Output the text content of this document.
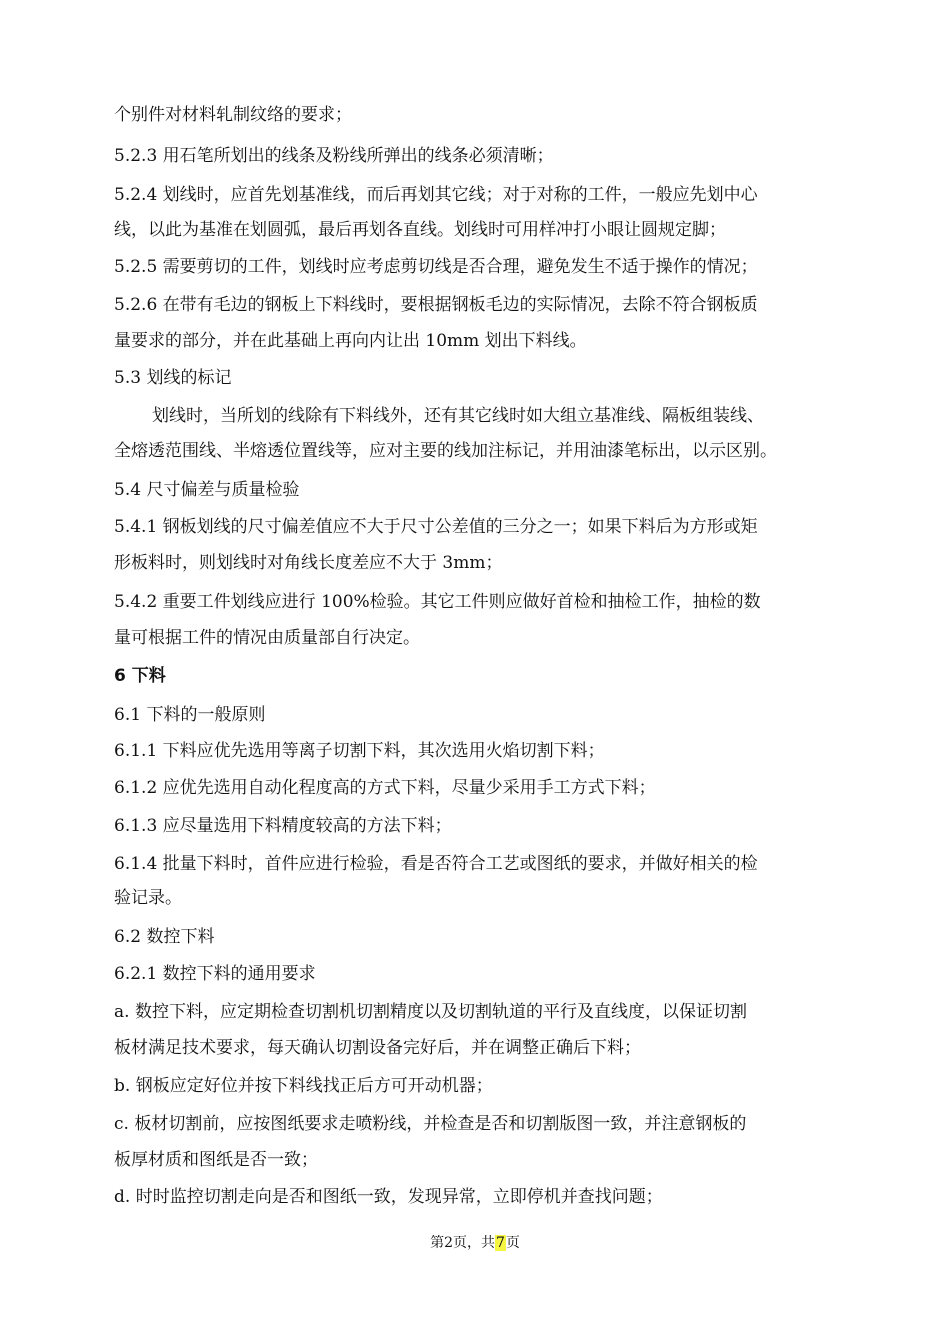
个别件对材料轧制纹络的要求；
5.2.3 用石笔所划出的线条及粉线所弹出的线条必须清晰；
5.2.4 划线时，应首先划基准线，而后再划其它线；对于对称的工件，一般应先划中心
线，以此为基准在划圆弧，最后再划各直线。划线时可用样冲打小眼让圆规定脚；
5.2.5 需要剪切的工件，划线时应考虑剪切线是否合理，避免发生不适于操作的情况；
5.2.6 在带有毛边的钢板上下料线时，要根据钢板毛边的实际情况，去除不符合钢板质
量要求的部分，并在此基础上再向内让出 10mm 划出下料线。
5.3 划线的标记
划线时，当所划的线除有下料线外，还有其它线时如大组立基准线、隔板组装线、
全熔透范围线、半熔透位置线等，应对主要的线加注标记，并用油漆笔标出，以示区别。
5.4 尺寸偏差与质量检验
5.4.1 钢板划线的尺寸偏差值应不大于尺寸公差值的三分之一；如果下料后为方形或矩
形板料时，则划线时对角线长度差应不大于 3mm；
5.4.2 重要工件划线应进行 100%检验。其它工件则应做好首检和抽检工作，抽检的数
量可根据工件的情况由质量部自行决定。
6 下料
6.1 下料的一般原则
6.1.1 下料应优先选用等离子切割下料，其次选用火焰切割下料；
6.1.2 应优先选用自动化程度高的方式下料，尽量少采用手工方式下料；
6.1.3 应尽量选用下料精度较高的方法下料；
6.1.4 批量下料时，首件应进行检验，看是否符合工艺或图纸的要求，并做好相关的检
验记录。
6.2 数控下料
6.2.1 数控下料的通用要求
a. 数控下料，应定期检查切割机切割精度以及切割轨道的平行及直线度，以保证切割
板材满足技术要求，每天确认切割设备完好后，并在调整正确后下料；
b. 钢板应定好位并按下料线找正后方可开动机器；
c. 板材切割前，应按图纸要求走喷粉线，并检查是否和切割版图一致，并注意钢板的
板厚材质和图纸是否一致；
d. 时时监控切割走向是否和图纸一致，发现异常，立即停机并查找问题；
第2页，共7页
